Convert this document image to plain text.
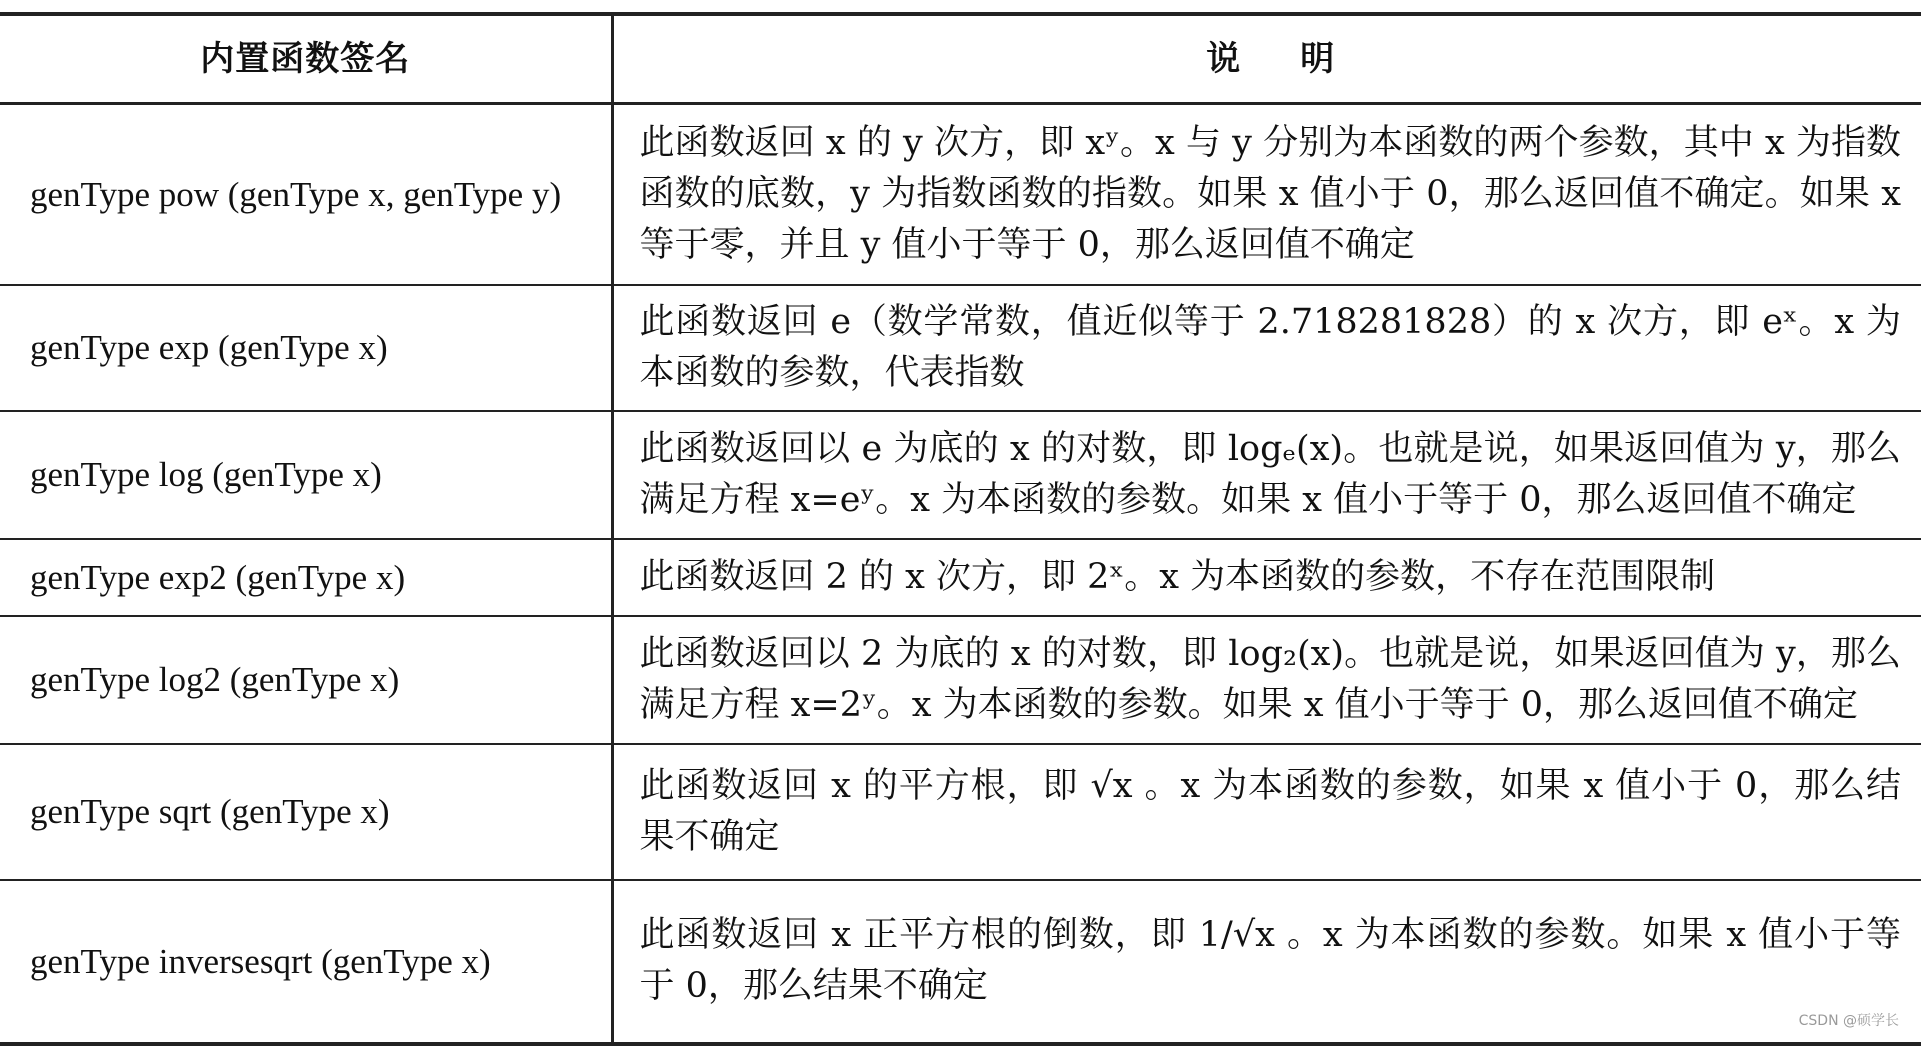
内置函数签名	说明
genType pow (genType x, genType y)	此函数返回 x 的 y 次方，即 xʸ。x 与 y 分别为本函数的两个参数，其中 x 为指数函数的底数，y 为指数函数的指数。如果 x 值小于 0，那么返回值不确定。如果 x 等于零，并且 y 值小于等于 0，那么返回值不确定

genType exp (genType x)	此函数返回 e（数学常数，值近似等于 2.718281828）的 x 次方，即 eˣ。x 为本函数的参数，代表指数

genType log (genType x)	此函数返回以 e 为底的 x 的对数，即 logₑ(x)。也就是说，如果返回值为 y，那么满足方程 x=eʸ。x 为本函数的参数。如果 x 值小于等于 0，那么返回值不确定

genType exp2 (genType x)	此函数返回 2 的 x 次方，即 2ˣ。x 为本函数的参数，不存在范围限制

genType log2 (genType x)	此函数返回以 2 为底的 x 的对数，即 log₂(x)。也就是说，如果返回值为 y，那么满足方程 x=2ʸ。x 为本函数的参数。如果 x 值小于等于 0，那么返回值不确定

genType sqrt (genType x)	此函数返回 x 的平方根，即 √x 。x 为本函数的参数，如果 x 值小于 0，那么结果不确定

genType inversesqrt (genType x)	此函数返回 x 正平方根的倒数，即 1/√x 。x 为本函数的参数。如果 x 值小于等于 0，那么结果不确定
CSDN @硕学长
